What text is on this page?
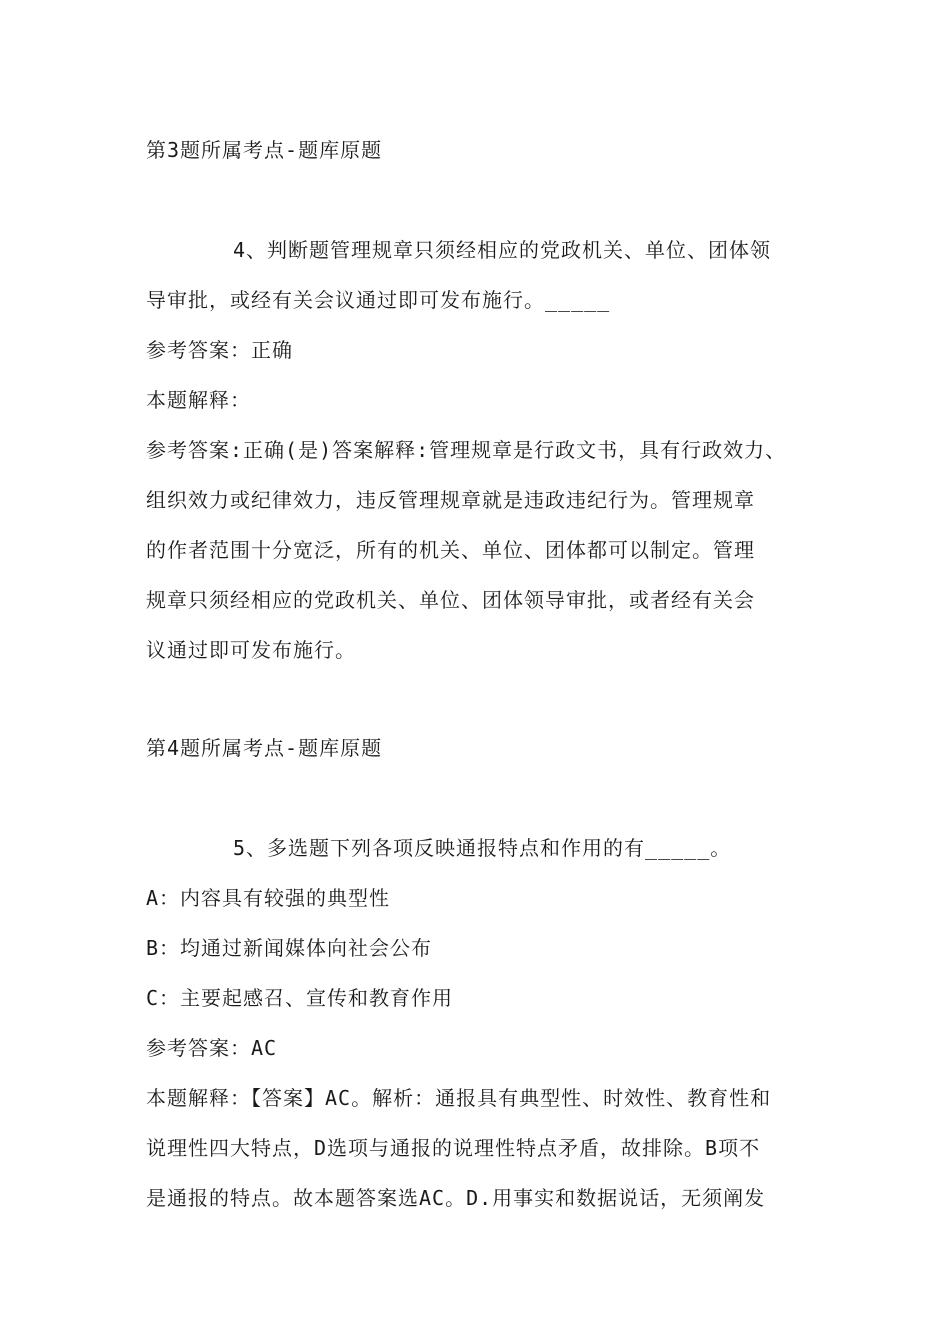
第3题所属考点-题库原题
4、判断题管理规章只须经相应的党政机关、单位、团体领
导审批，或经有关会议通过即可发布施行。_____
参考答案：正确
本题解释：
参考答案:正确(是)答案解释:管理规章是行政文书，具有行政效力、
组织效力或纪律效力，违反管理规章就是违政违纪行为。管理规章
的作者范围十分宽泛，所有的机关、单位、团体都可以制定。管理
规章只须经相应的党政机关、单位、团体领导审批，或者经有关会
议通过即可发布施行。
第4题所属考点-题库原题
5、多选题下列各项反映通报特点和作用的有_____。
A：内容具有较强的典型性
B：均通过新闻媒体向社会公布
C：主要起感召、宣传和教育作用
参考答案：AC
本题解释：【答案】AC。解析：通报具有典型性、时效性、教育性和
说理性四大特点，D选项与通报的说理性特点矛盾，故排除。B项不
是通报的特点。故本题答案选AC。D.用事实和数据说话，无须阐发
